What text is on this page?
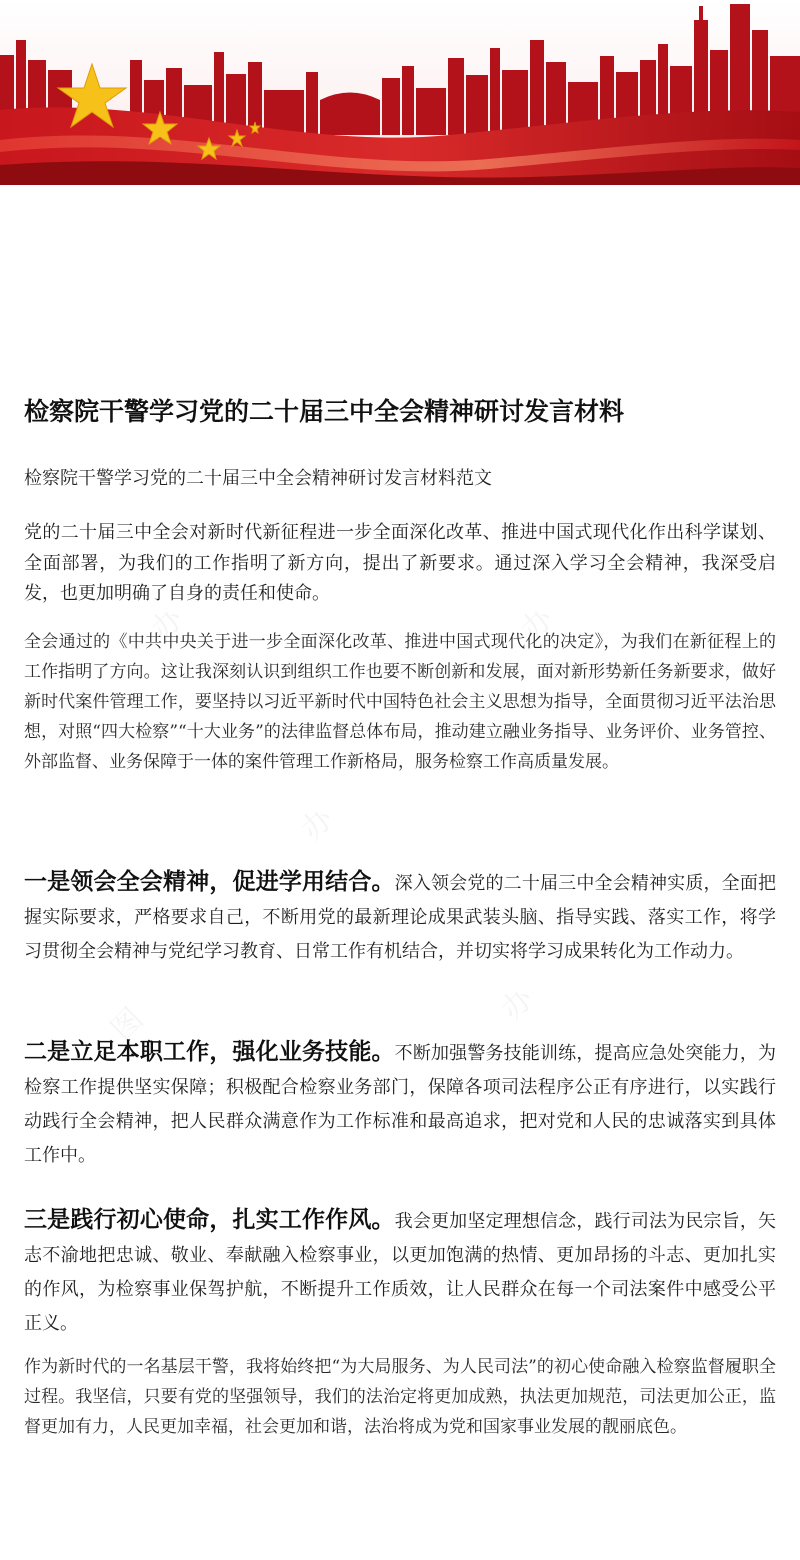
检察院干警学习党的二十届三中全会精神研讨发言材料

检察院干警学习党的二十届三中全会精神研讨发言材料范文

党的二十届三中全会对新时代新征程进一步全面深化改革、推进中国式现代化作出科学谋划、全面部署，为我们的工作指明了新方向，提出了新要求。通过深入学习全会精神，我深受启发，也更加明确了自身的责任和使命。

全会通过的《中共中央关于进一步全面深化改革、推进中国式现代化的决定》，为我们在新征程上的工作指明了方向。这让我深刻认识到组织工作也要不断创新和发展，面对新形势新任务新要求，做好新时代案件管理工作，要坚持以习近平新时代中国特色社会主义思想为指导，全面贯彻习近平法治思想，对照“四大检察”“十大业务”的法律监督总体布局，推动建立融业务指导、业务评价、业务管控、外部监督、业务保障于一体的案件管理工作新格局，服务检察工作高质量发展。

一是领会全会精神，促进学用结合。深入领会党的二十届三中全会精神实质，全面把握实际要求，严格要求自己，不断用党的最新理论成果武装头脑、指导实践、落实工作，将学习贯彻全会精神与党纪学习教育、日常工作有机结合，并切实将学习成果转化为工作动力。

二是立足本职工作，强化业务技能。不断加强警务技能训练，提高应急处突能力，为检察工作提供坚实保障；积极配合检察业务部门，保障各项司法程序公正有序进行，以实践行动践行全会精神，把人民群众满意作为工作标准和最高追求，把对党和人民的忠诚落实到具体工作中。

三是践行初心使命，扎实工作作风。我会更加坚定理想信念，践行司法为民宗旨，矢志不渝地把忠诚、敬业、奉献融入检察事业，以更加饱满的热情、更加昂扬的斗志、更加扎实的作风，为检察事业保驾护航，不断提升工作质效，让人民群众在每一个司法案件中感受公平正义。

作为新时代的一名基层干警，我将始终把“为大局服务、为人民司法”的初心使命融入检察监督履职全过程。我坚信，只要有党的坚强领导，我们的法治定将更加成熟，执法更加规范，司法更加公正，监督更加有力，人民更加幸福，社会更加和谐，法治将成为党和国家事业发展的靓丽底色。
